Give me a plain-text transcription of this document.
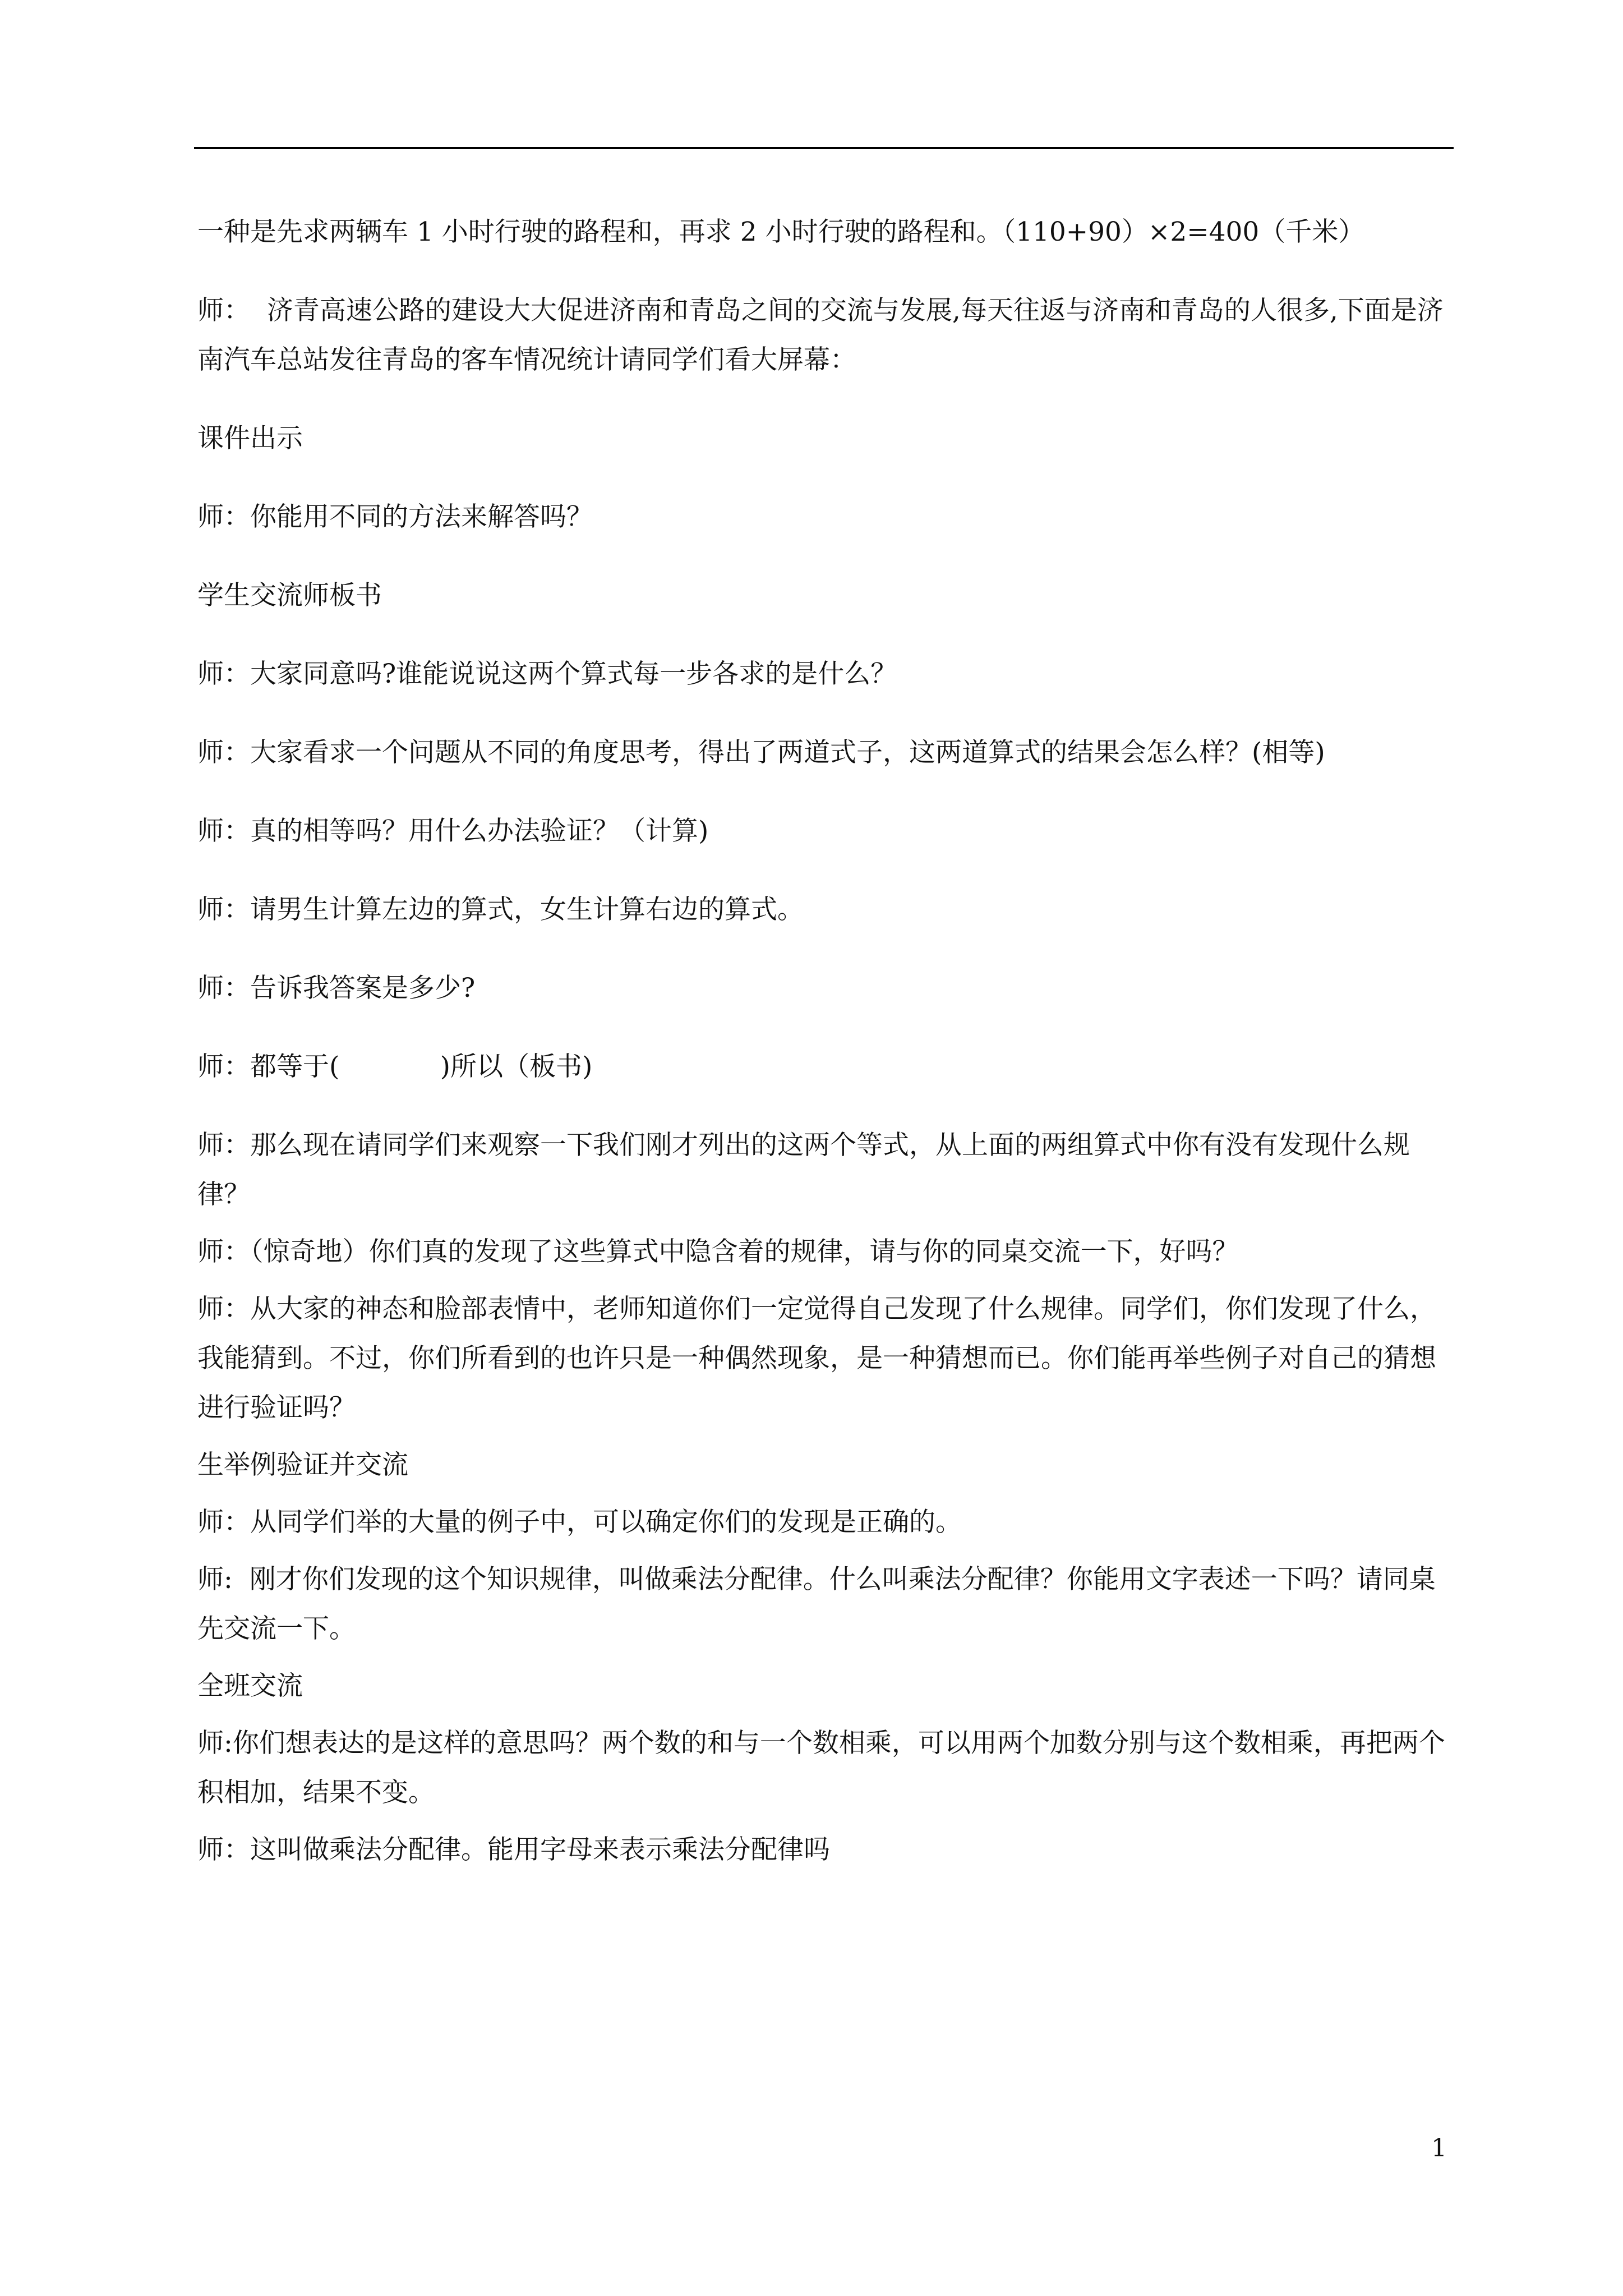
一种是先求两辆车 1 小时行驶的路程和，再求 2 小时行驶的路程和。（110+90）×2=400（千米）

师：  济青高速公路的建设大大促进济南和青岛之间的交流与发展,每天往返与济南和青岛的人很多,下面是济南汽车总站发往青岛的客车情况统计请同学们看大屏幕：

课件出示

师：你能用不同的方法来解答吗？

学生交流师板书

师：大家同意吗?谁能说说这两个算式每一步各求的是什么？

师：大家看求一个问题从不同的角度思考，得出了两道式子，这两道算式的结果会怎么样？(相等)

师：真的相等吗？用什么办法验证？（计算)

师：请男生计算左边的算式，女生计算右边的算式。

师：告诉我答案是多少?

师：都等于(            )所以（板书)

师：那么现在请同学们来观察一下我们刚才列出的这两个等式，从上面的两组算式中你有没有发现什么规律？

师：（惊奇地）你们真的发现了这些算式中隐含着的规律，请与你的同桌交流一下，好吗？

师：从大家的神态和脸部表情中，老师知道你们一定觉得自己发现了什么规律。同学们，你们发现了什么，我能猜到。不过，你们所看到的也许只是一种偶然现象，是一种猜想而已。你们能再举些例子对自己的猜想进行验证吗？

生举例验证并交流

师：从同学们举的大量的例子中，可以确定你们的发现是正确的。

师:  刚才你们发现的这个知识规律，叫做乘法分配律。什么叫乘法分配律？你能用文字表述一下吗？请同桌先交流一下。

全班交流

师:你们想表达的是这样的意思吗？两个数的和与一个数相乘，可以用两个加数分别与这个数相乘，再把两个积相加，结果不变。

师：这叫做乘法分配律。能用字母来表示乘法分配律吗

1
